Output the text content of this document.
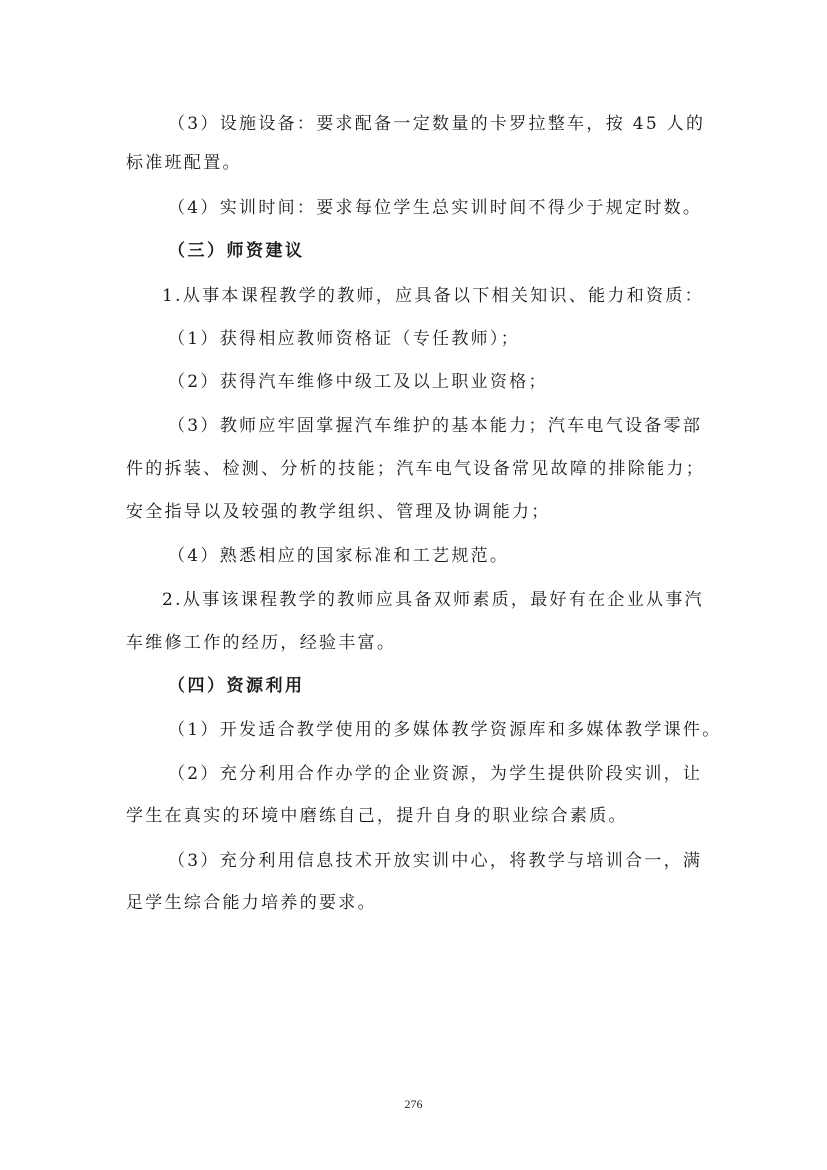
（3）设施设备：要求配备一定数量的卡罗拉整车，按 45 人的
标准班配置。
（4）实训时间：要求每位学生总实训时间不得少于规定时数。
（三）师资建议
1.从事本课程教学的教师，应具备以下相关知识、能力和资质：
（1）获得相应教师资格证（专任教师）；
（2）获得汽车维修中级工及以上职业资格；
（3）教师应牢固掌握汽车维护的基本能力；汽车电气设备零部
件的拆装、检测、分析的技能；汽车电气设备常见故障的排除能力；
安全指导以及较强的教学组织、管理及协调能力；
（4）熟悉相应的国家标准和工艺规范。
2.从事该课程教学的教师应具备双师素质，最好有在企业从事汽
车维修工作的经历，经验丰富。
（四）资源利用
（1）开发适合教学使用的多媒体教学资源库和多媒体教学课件。
（2）充分利用合作办学的企业资源，为学生提供阶段实训，让
学生在真实的环境中磨练自己，提升自身的职业综合素质。
（3）充分利用信息技术开放实训中心，将教学与培训合一，满
足学生综合能力培养的要求。
276
